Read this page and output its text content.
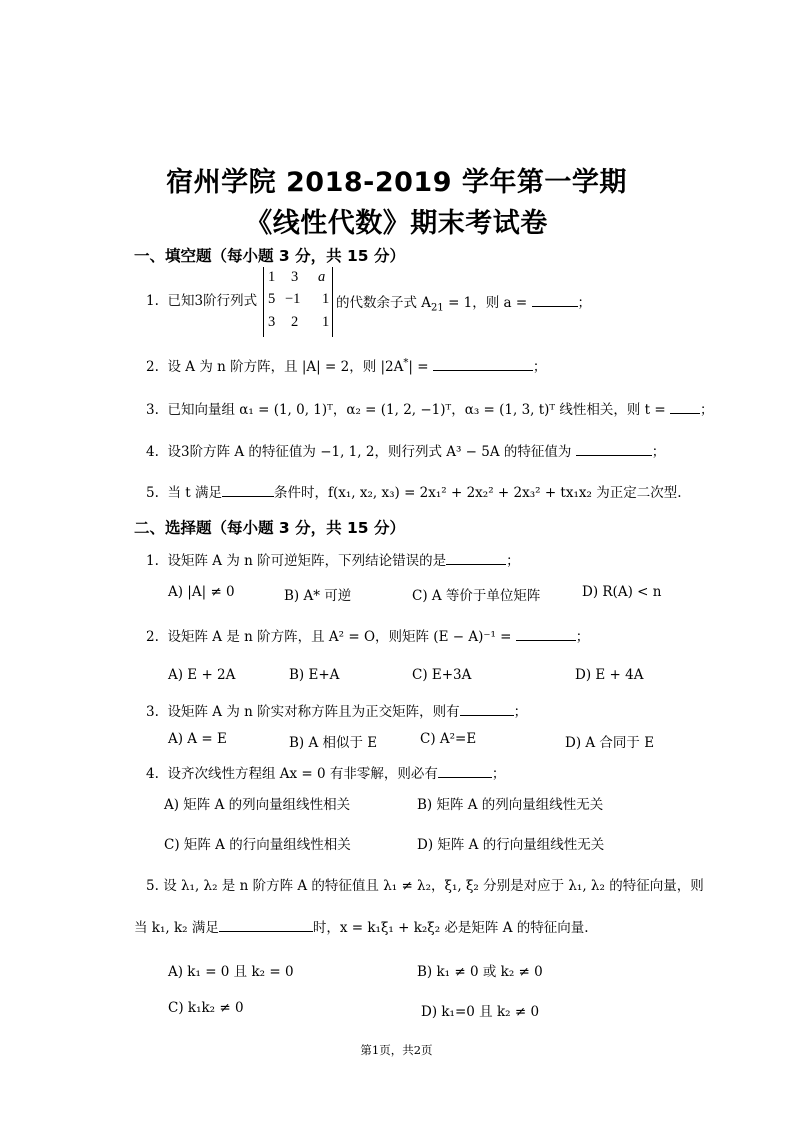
宿州学院 2018-2019 学年第一学期
《线性代数》期末考试卷
一、填空题（每小题 3 分，共 15 分）
1. 已知3阶行列式
1 3 a
5 −1 1
3 2 1
的代数余子式 $A_{21} = 1$，则 a =	；
2. 设 A 为 n 阶方阵，且 |A| = 2，则 |2A*| =	；
3. 已知向量组 α₁ = (1, 0, 1)ᵀ，α₂ = (1, 2, −1)ᵀ，α₃ = (1, 3, t)ᵀ 线性相关，则 t =	；
4. 设3阶方阵 A 的特征值为 −1, 1, 2，则行列式 A³ − 5A 的特征值为	；
5. 当 t 满足	条件时，f(x₁, x₂, x₃) = 2x₁² + 2x₂² + 2x₃² + tx₁x₂ 为正定二次型.
二、选择题（每小题 3 分，共 15 分）
1. 设矩阵 A 为 n 阶可逆矩阵，下列结论错误的是	；
A) |A| ≠ 0	B) A* 可逆	C) A 等价于单位矩阵	D) R(A) < n
2. 设矩阵 A 是 n 阶方阵，且 A² = O，则矩阵 (E − A)⁻¹ =	；
A) E + 2A	B) E+A	C) E+3A	D) E + 4A
3. 设矩阵 A 为 n 阶实对称方阵且为正交矩阵，则有	；
A) A = E	B) A 相似于 E	C) A²=E	D) A 合同于 E
4. 设齐次线性方程组 Ax = 0 有非零解，则必有	；
A) 矩阵 A 的列向量组线性相关	B) 矩阵 A 的列向量组线性无关
C) 矩阵 A 的行向量组线性相关	D) 矩阵 A 的行向量组线性无关
5. 设 λ₁, λ₂ 是 n 阶方阵 A 的特征值且 λ₁ ≠ λ₂，ξ₁, ξ₂ 分别是对应于 λ₁, λ₂ 的特征向量，则
当 k₁, k₂ 满足	时，x = k₁ξ₁ + k₂ξ₂ 必是矩阵 A 的特征向量.
A) k₁ = 0 且 k₂ = 0	B) k₁ ≠ 0 或 k₂ ≠ 0
C) k₁k₂ ≠ 0	D) k₁=0 且 k₂ ≠ 0
第1页，共2页
